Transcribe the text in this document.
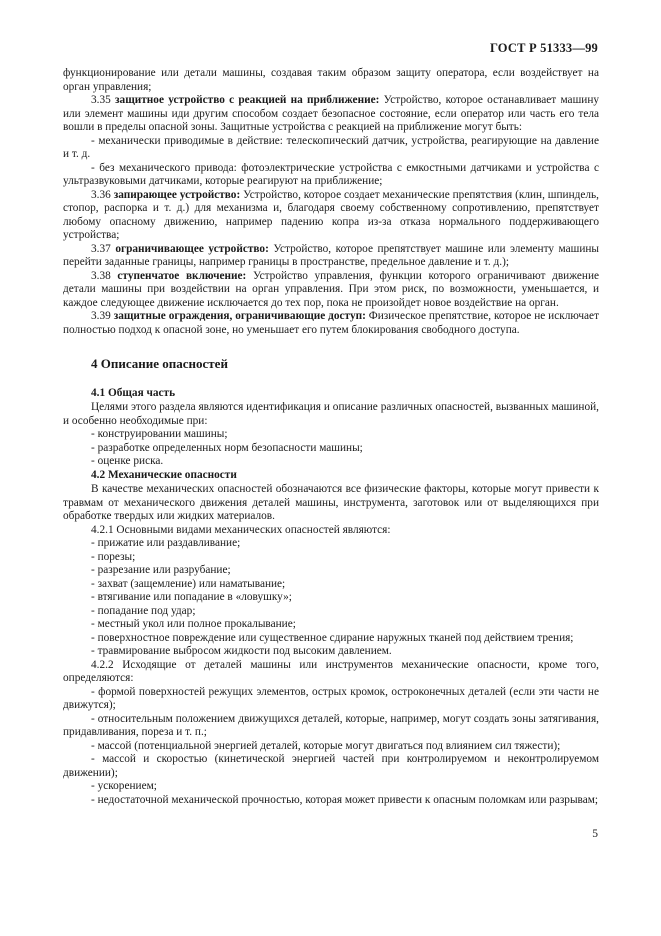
ГОСТ Р 51333—99

функционирование или детали машины, создавая таким образом защиту оператора, если воздействует на орган управления;

3.35 защитное устройство с реакцией на приближение: Устройство, которое останавливает машину или элемент машины иди другим способом создает безопасное состояние, если оператор или часть его тела вошли в пределы опасной зоны. Защитные устройства с реакцией на приближение могут быть:

- механически приводимые в действие: телескопический датчик, устройства, реагирующие на давление и т. д.

- без механического привода: фотоэлектрические устройства с емкостными датчиками и устройства с ультразвуковыми датчиками, которые реагируют на приближение;

3.36 запирающее устройство: Устройство, которое создает механические препятствия (клин, шпиндель, стопор, распорка и т. д.) для механизма и, благодаря своему собственному сопротивлению, препятствует любому опасному движению, например падению копра из-за отказа нормального поддерживающего устройства;

3.37 ограничивающее устройство: Устройство, которое препятствует машине или элементу машины перейти заданные границы, например границы в пространстве, предельное давление и т. д.);

3.38 ступенчатое включение: Устройство управления, функции которого ограничивают движение детали машины при воздействии на орган управления. При этом риск, по возможности, уменьшается, и каждое следующее движение исключается до тех пор, пока не произойдет новое воздействие на орган.

3.39 защитные ограждения, ограничивающие доступ: Физическое препятствие, которое не исключает полностью подход к опасной зоне, но уменьшает его путем блокирования свободного доступа.

4 Описание опасностей

4.1 Общая часть

Целями этого раздела являются идентификация и описание различных опасностей, вызванных машиной, и особенно необходимые при:

- конструировании машины;

- разработке определенных норм безопасности машины;

- оценке риска.

4.2 Механические опасности

В качестве механических опасностей обозначаются все физические факторы, которые могут привести к травмам от механического движения деталей машины, инструмента, заготовок или от выделяющихся при обработке твердых или жидких материалов.

4.2.1 Основными видами механических опасностей являются:

- прижатие или раздавливание;

- порезы;

- разрезание или разрубание;

- захват (защемление) или наматывание;

- втягивание или попадание в «ловушку»;

- попадание под удар;

- местный укол или полное прокалывание;

- поверхностное повреждение или существенное сдирание наружных тканей под действием трения;

- травмирование выбросом жидкости под высоким давлением.

4.2.2 Исходящие от деталей машины или инструментов механические опасности, кроме того, определяются:

- формой поверхностей режущих элементов, острых кромок, остроконечных деталей (если эти части не движутся);

- относительным положением движущихся деталей, которые, например, могут создать зоны затягивания, придавливания, пореза и т. п.;

- массой (потенциальной энергией деталей, которые могут двигаться под влиянием сил тяжести);

- массой и скоростью (кинетической энергией частей при контролируемом и неконтролируемом движении);

- ускорением;

- недостаточной механической прочностью, которая может привести к опасным поломкам или разрывам;

5
